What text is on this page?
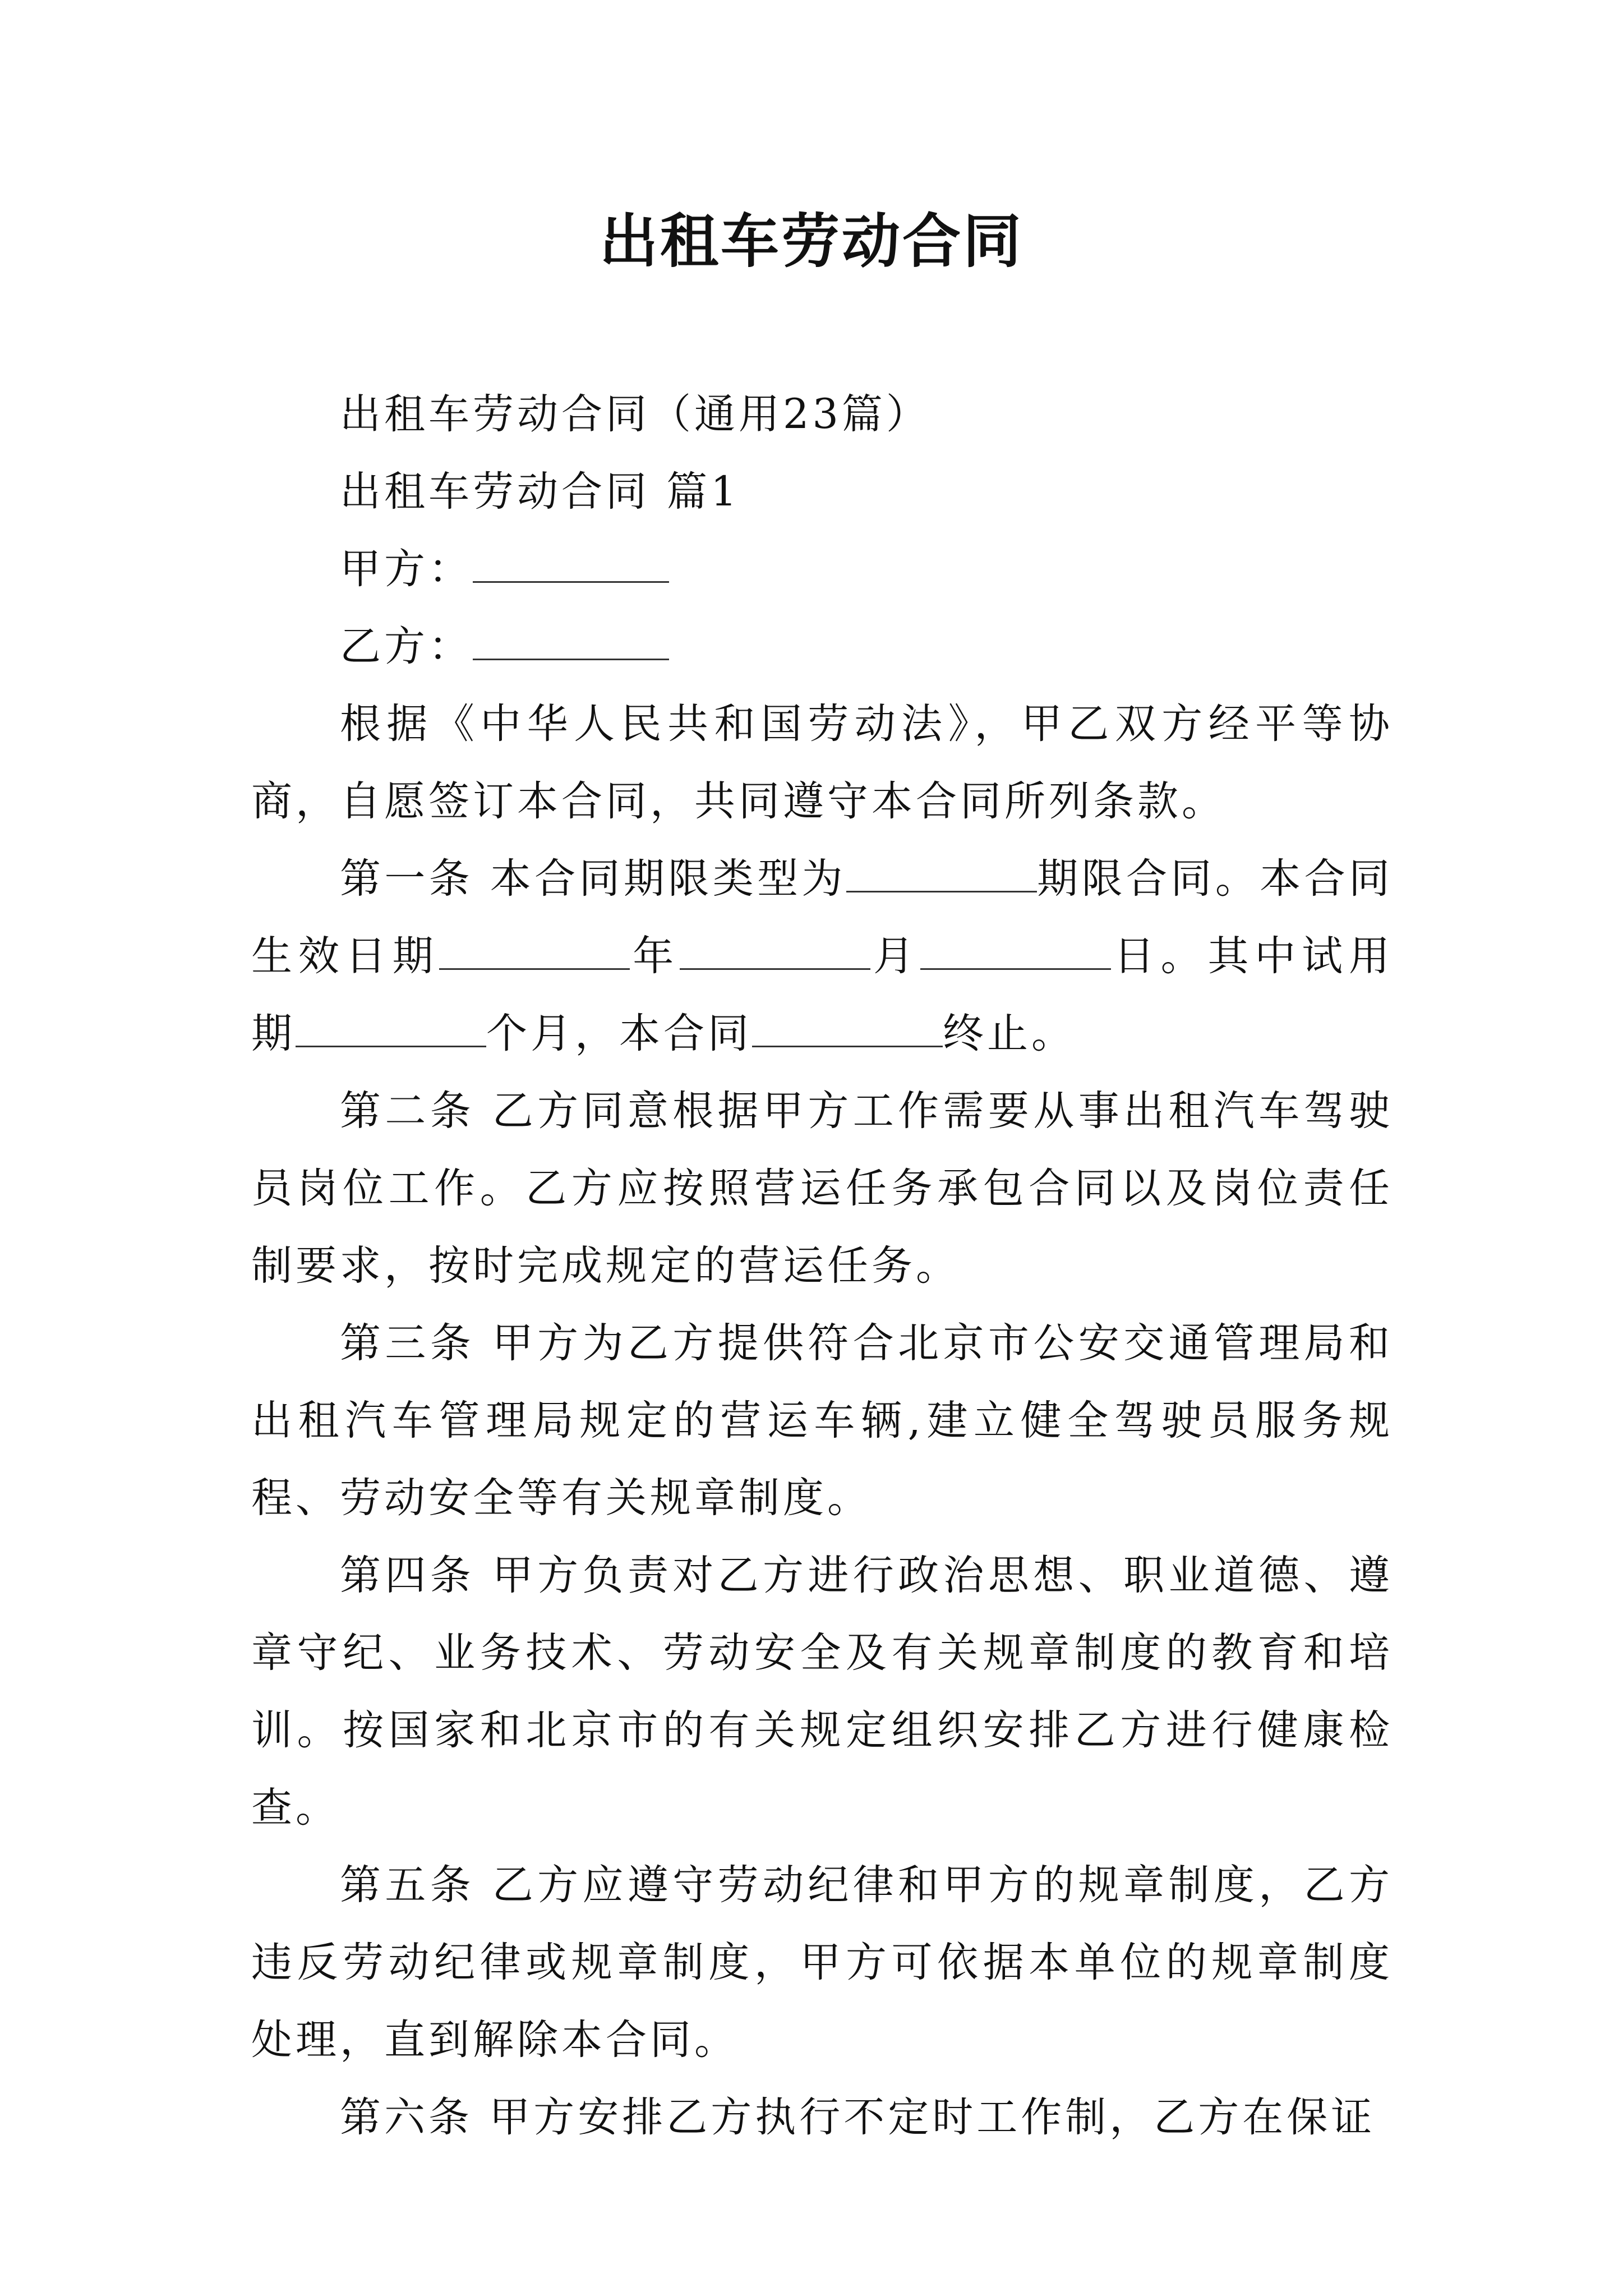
出租车劳动合同

出租车劳动合同（通用23篇）

出租车劳动合同 篇1

甲方：

乙方：

根据《中华人民共和国劳动法》，甲乙双方经平等协商，自愿签订本合同，共同遵守本合同所列条款。

第一条 本合同期限类型为	期限合同。本合同生效日期	年	月	日。其中试用期	个月，本合同	终止。

第二条 乙方同意根据甲方工作需要从事出租汽车驾驶员岗位工作。乙方应按照营运任务承包合同以及岗位责任制要求，按时完成规定的营运任务。

第三条 甲方为乙方提供符合北京市公安交通管理局和出租汽车管理局规定的营运车辆,建立健全驾驶员服务规程、劳动安全等有关规章制度。

第四条 甲方负责对乙方进行政治思想、职业道德、遵章守纪、业务技术、劳动安全及有关规章制度的教育和培训。按国家和北京市的有关规定组织安排乙方进行健康检查。

第五条 乙方应遵守劳动纪律和甲方的规章制度，乙方违反劳动纪律或规章制度，甲方可依据本单位的规章制度处理，直到解除本合同。

第六条 甲方安排乙方执行不定时工作制，乙方在保证
